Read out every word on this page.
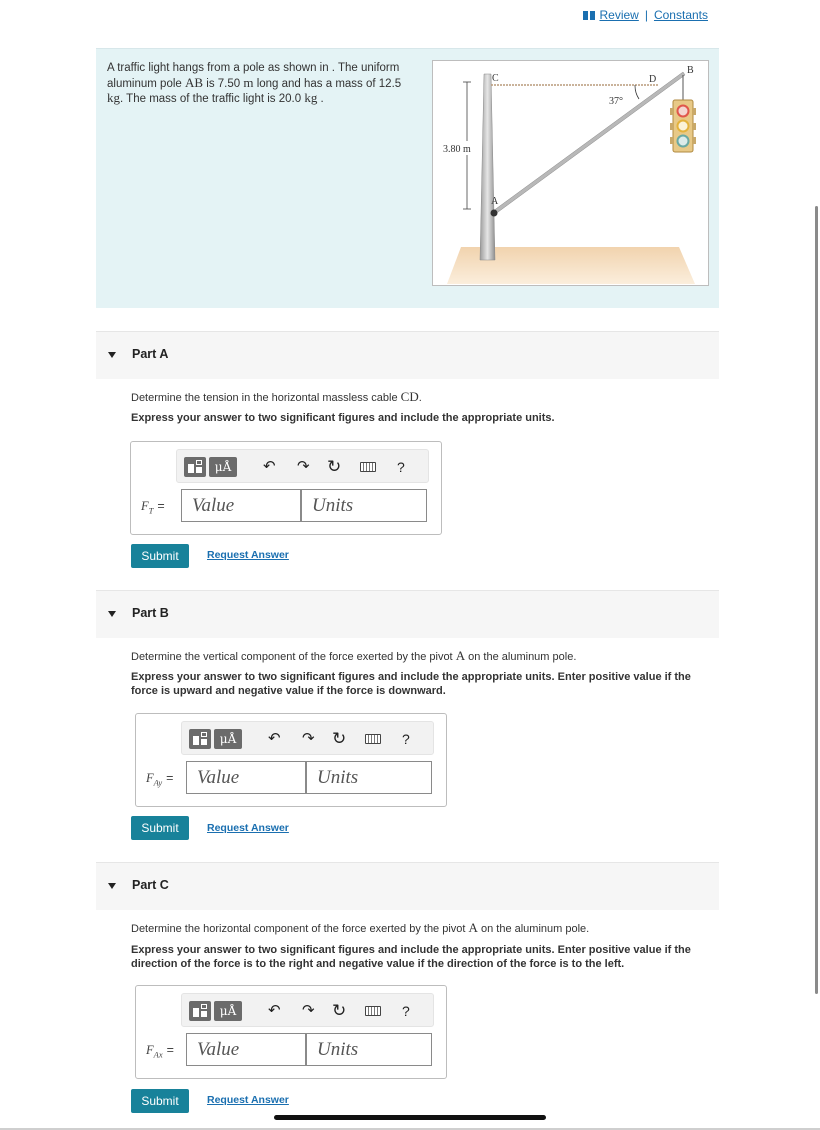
Review | Constants
A traffic light hangs from a pole as shown in . The uniform aluminum pole AB is 7.50 m long and has a mass of 12.5 kg. The mass of the traffic light is 20.0 kg .
3.80 m
C	D
B
A
37°
Part A
Determine the tension in the horizontal massless cable CD.
Express your answer to two significant figures and include the appropriate units.
μÅ	↶ ↷ ↻	?
$F_T$ =	Value	Units
Submit	Request Answer
Part B
Determine the vertical component of the force exerted by the pivot A on the aluminum pole.
Express your answer to two significant figures and include the appropriate units. Enter positive value if the force is upward and negative value if the force is downward.
μÅ	↶ ↷ ↻	?
$F_{Ay}$ =	Value	Units
Submit	Request Answer
Part C
Determine the horizontal component of the force exerted by the pivot A on the aluminum pole.
Express your answer to two significant figures and include the appropriate units. Enter positive value if the direction of the force is to the right and negative value if the direction of the force is to the left.
μÅ	↶ ↷ ↻	?
$F_{Ax}$ =	Value	Units
Submit	Request Answer
